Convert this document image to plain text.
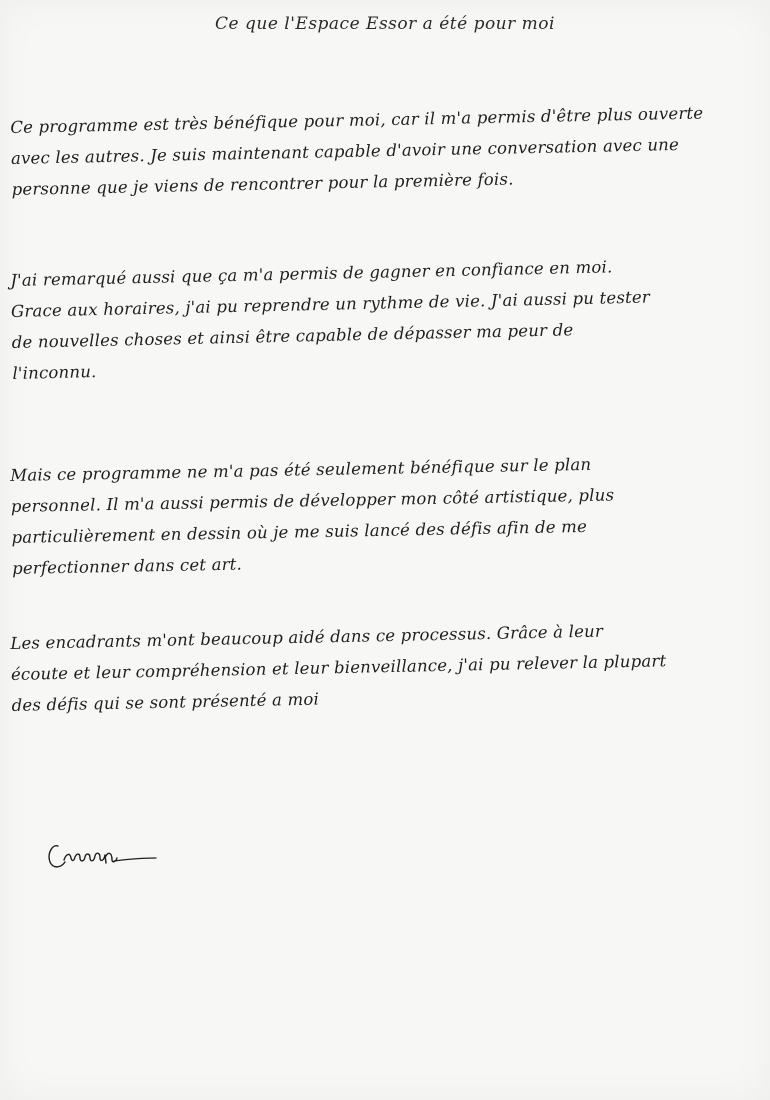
Ce que l'Espace Essor a été pour moi
Ce programme est très bénéfique pour moi, car il m'a permis d'être plus ouverte
avec les autres. Je suis maintenant capable d'avoir une conversation avec une
personne que je viens de rencontrer pour la première fois.
J'ai remarqué aussi que ça m'a permis de gagner en confiance en moi.
Grace aux horaires, j'ai pu reprendre un rythme de vie. J'ai aussi pu tester
de nouvelles choses et ainsi être capable de dépasser ma peur de
l'inconnu.
Mais ce programme ne m'a pas été seulement bénéfique sur le plan
personnel. Il m'a aussi permis de développer mon côté artistique, plus
particulièrement en dessin où je me suis lancé des défis afin de me
perfectionner dans cet art.
Les encadrants m'ont beaucoup aidé dans ce processus. Grâce à leur
écoute et leur compréhension et leur bienveillance, j'ai pu relever la plupart
des défis qui se sont présenté a moi
